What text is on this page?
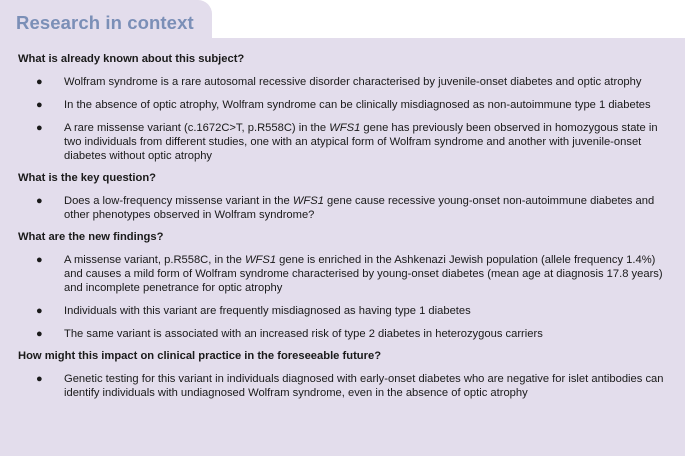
Research in context
What is already known about this subject?
● Wolfram syndrome is a rare autosomal recessive disorder characterised by juvenile-onset diabetes and optic atrophy
● In the absence of optic atrophy, Wolfram syndrome can be clinically misdiagnosed as non-autoimmune type 1 diabetes
● A rare missense variant (c.1672C>T, p.R558C) in the WFS1 gene has previously been observed in homozygous state in two individuals from different studies, one with an atypical form of Wolfram syndrome and another with juvenile-onset diabetes without optic atrophy
What is the key question?
● Does a low-frequency missense variant in the WFS1 gene cause recessive young-onset non-autoimmune diabetes and other phenotypes observed in Wolfram syndrome?
What are the new findings?
● A missense variant, p.R558C, in the WFS1 gene is enriched in the Ashkenazi Jewish population (allele frequency 1.4%) and causes a mild form of Wolfram syndrome characterised by young-onset diabetes (mean age at diagnosis 17.8 years) and incomplete penetrance for optic atrophy
● Individuals with this variant are frequently misdiagnosed as having type 1 diabetes
● The same variant is associated with an increased risk of type 2 diabetes in heterozygous carriers
How might this impact on clinical practice in the foreseeable future?
● Genetic testing for this variant in individuals diagnosed with early-onset diabetes who are negative for islet antibodies can identify individuals with undiagnosed Wolfram syndrome, even in the absence of optic atrophy
